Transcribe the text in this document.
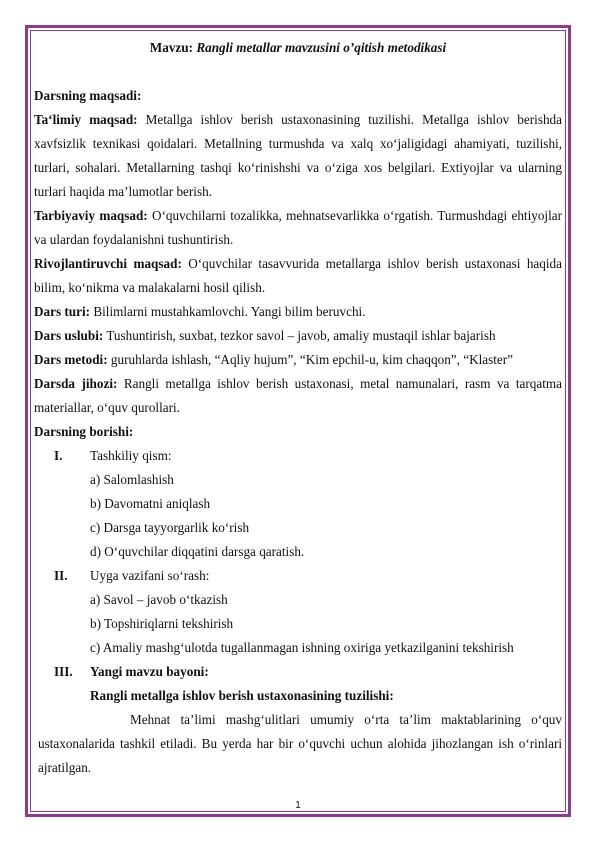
Mavzu: Rangli metallar mavzusini o’qitish metodikasi
Darsning maqsadi:
Ta‘limiy maqsad: Metallga ishlov berish ustaxonasining tuzilishi. Metallga ishlov berishda xavfsizlik texnikasi qoidalari. Metallning turmushda va xalq xo‘jaligidagi ahamiyati, tuzilishi, turlari, sohalari. Metallarning tashqi ko‘rinishshi va o‘ziga xos belgilari. Extiyojlar va ularning turlari haqida ma’lumotlar berish.
Tarbiyaviy maqsad: O‘quvchilarni tozalikka, mehnatsevarlikka o‘rgatish. Turmushdagi ehtiyojlar va ulardan foydalanishni tushuntirish.
Rivojlantiruvchi maqsad: O‘quvchilar tasavvurida metallarga ishlov berish ustaxonasi haqida bilim, ko‘nikma va malakalarni hosil qilish.
Dars turi: Bilimlarni mustahkamlovchi. Yangi bilim beruvchi.
Dars uslubi: Tushuntirish, suxbat, tezkor savol – javob, amaliy mustaqil ishlar bajarish
Dars metodi: guruhlarda ishlash, “Aqliy hujum”, “Kim epchil-u, kim chaqqon”, “Klaster”
Darsda jihozi: Rangli metallga ishlov berish ustaxonasi, metal namunalari, rasm va tarqatma materiallar, o‘quv qurollari.
Darsning borishi:
I.	Tashkiliy qism:
a) Salomlashish
b) Davomatni aniqlash
c) Darsga tayyorgarlik ko‘rish
d) O‘quvchilar diqqatini darsga qaratish.
II.	Uyga vazifani so‘rash:
a) Savol – javob o‘tkazish
b) Topshiriqlarni tekshirish
c) Amaliy mashg‘ulotda tugallanmagan ishning oxiriga yetkazilganini tekshirish
III.	Yangi mavzu bayoni:
Rangli metallga ishlov berish ustaxonasining tuzilishi:
Mehnat ta’limi mashg‘ulitlari umumiy o‘rta ta’lim maktablarining o‘quv ustaxonalarida tashkil etiladi. Bu yerda har bir o‘quvchi uchun alohida jihozlangan ish o‘rinlari ajratilgan.
1
